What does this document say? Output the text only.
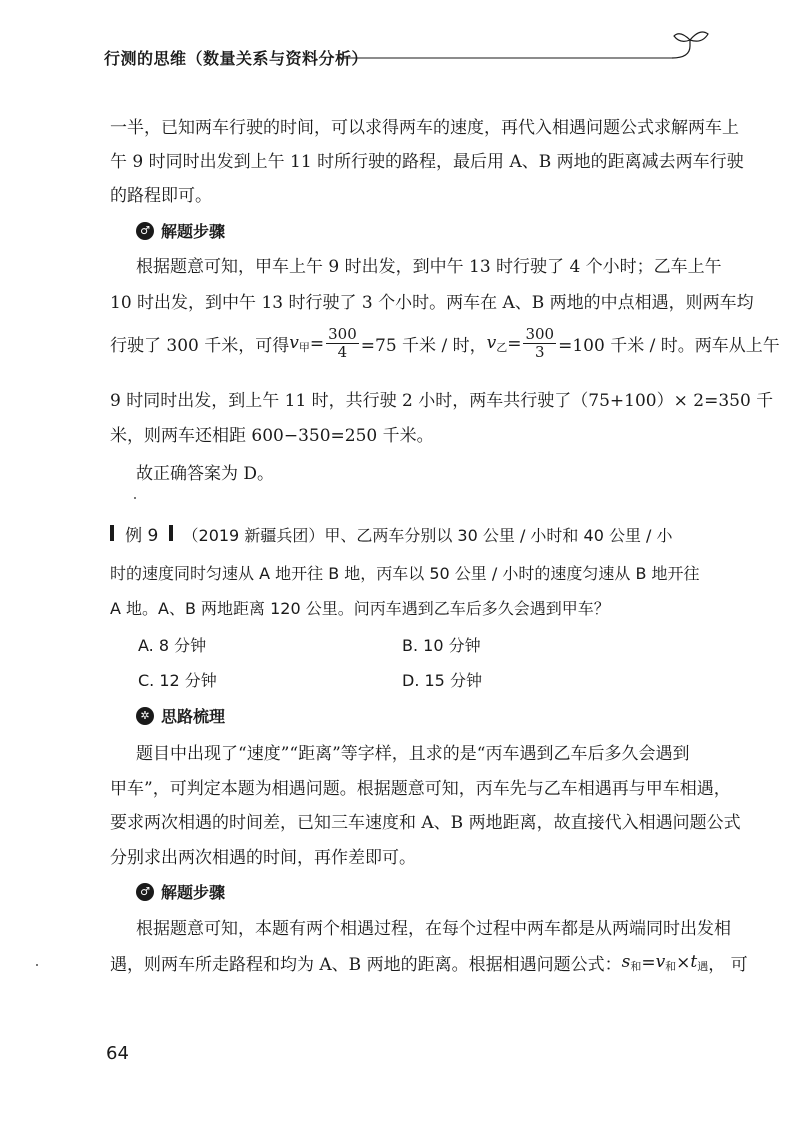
行测的思维（数量关系与资料分析）
一半，已知两车行驶的时间，可以求得两车的速度，再代入相遇问题公式求解两车上
午 9 时同时出发到上午 11 时所行驶的路程，最后用 A、B 两地的距离减去两车行驶
的路程即可。
♂ 解题步骤
根据题意可知，甲车上午 9 时出发，到中午 13 时行驶了 4 个小时；乙车上午
10 时出发，到中午 13 时行驶了 3 个小时。两车在 A、B 两地的中点相遇，则两车均
行驶了 300 千米，可得 $v_甲 = \frac{300}{4} =75$ 千米 / 时， $v_乙 = \frac{300}{3} =100$ 千米 / 时。两车从上午
9 时同时出发，到上午 11 时，共行驶 2 小时，两车共行驶了（75+100）× 2=350 千
米，则两车还相距 600−350=250 千米。
故正确答案为 D。
例 9 （2019 新疆兵团）甲、乙两车分别以 30 公里 / 小时和 40 公里 / 小
时的速度同时匀速从 A 地开往 B 地，丙车以 50 公里 / 小时的速度匀速从 B 地开往
A 地。A、B 两地距离 120 公里。问丙车遇到乙车后多久会遇到甲车？
A. 8 分钟	B. 10 分钟
C. 12 分钟	D. 15 分钟
✲ 思路梳理
题目中出现了“速度”“距离”等字样，且求的是“丙车遇到乙车后多久会遇到
甲车”，可判定本题为相遇问题。根据题意可知，丙车先与乙车相遇再与甲车相遇，
要求两次相遇的时间差，已知三车速度和 A、B 两地距离，故直接代入相遇问题公式
分别求出两次相遇的时间，再作差即可。
♂ 解题步骤
根据题意可知，本题有两个相遇过程，在每个过程中两车都是从两端同时出发相
遇，则两车所走路程和均为 A、B 两地的距离。根据相遇问题公式： $s_和 = v_和 \times t_遇$ ， 可
64
